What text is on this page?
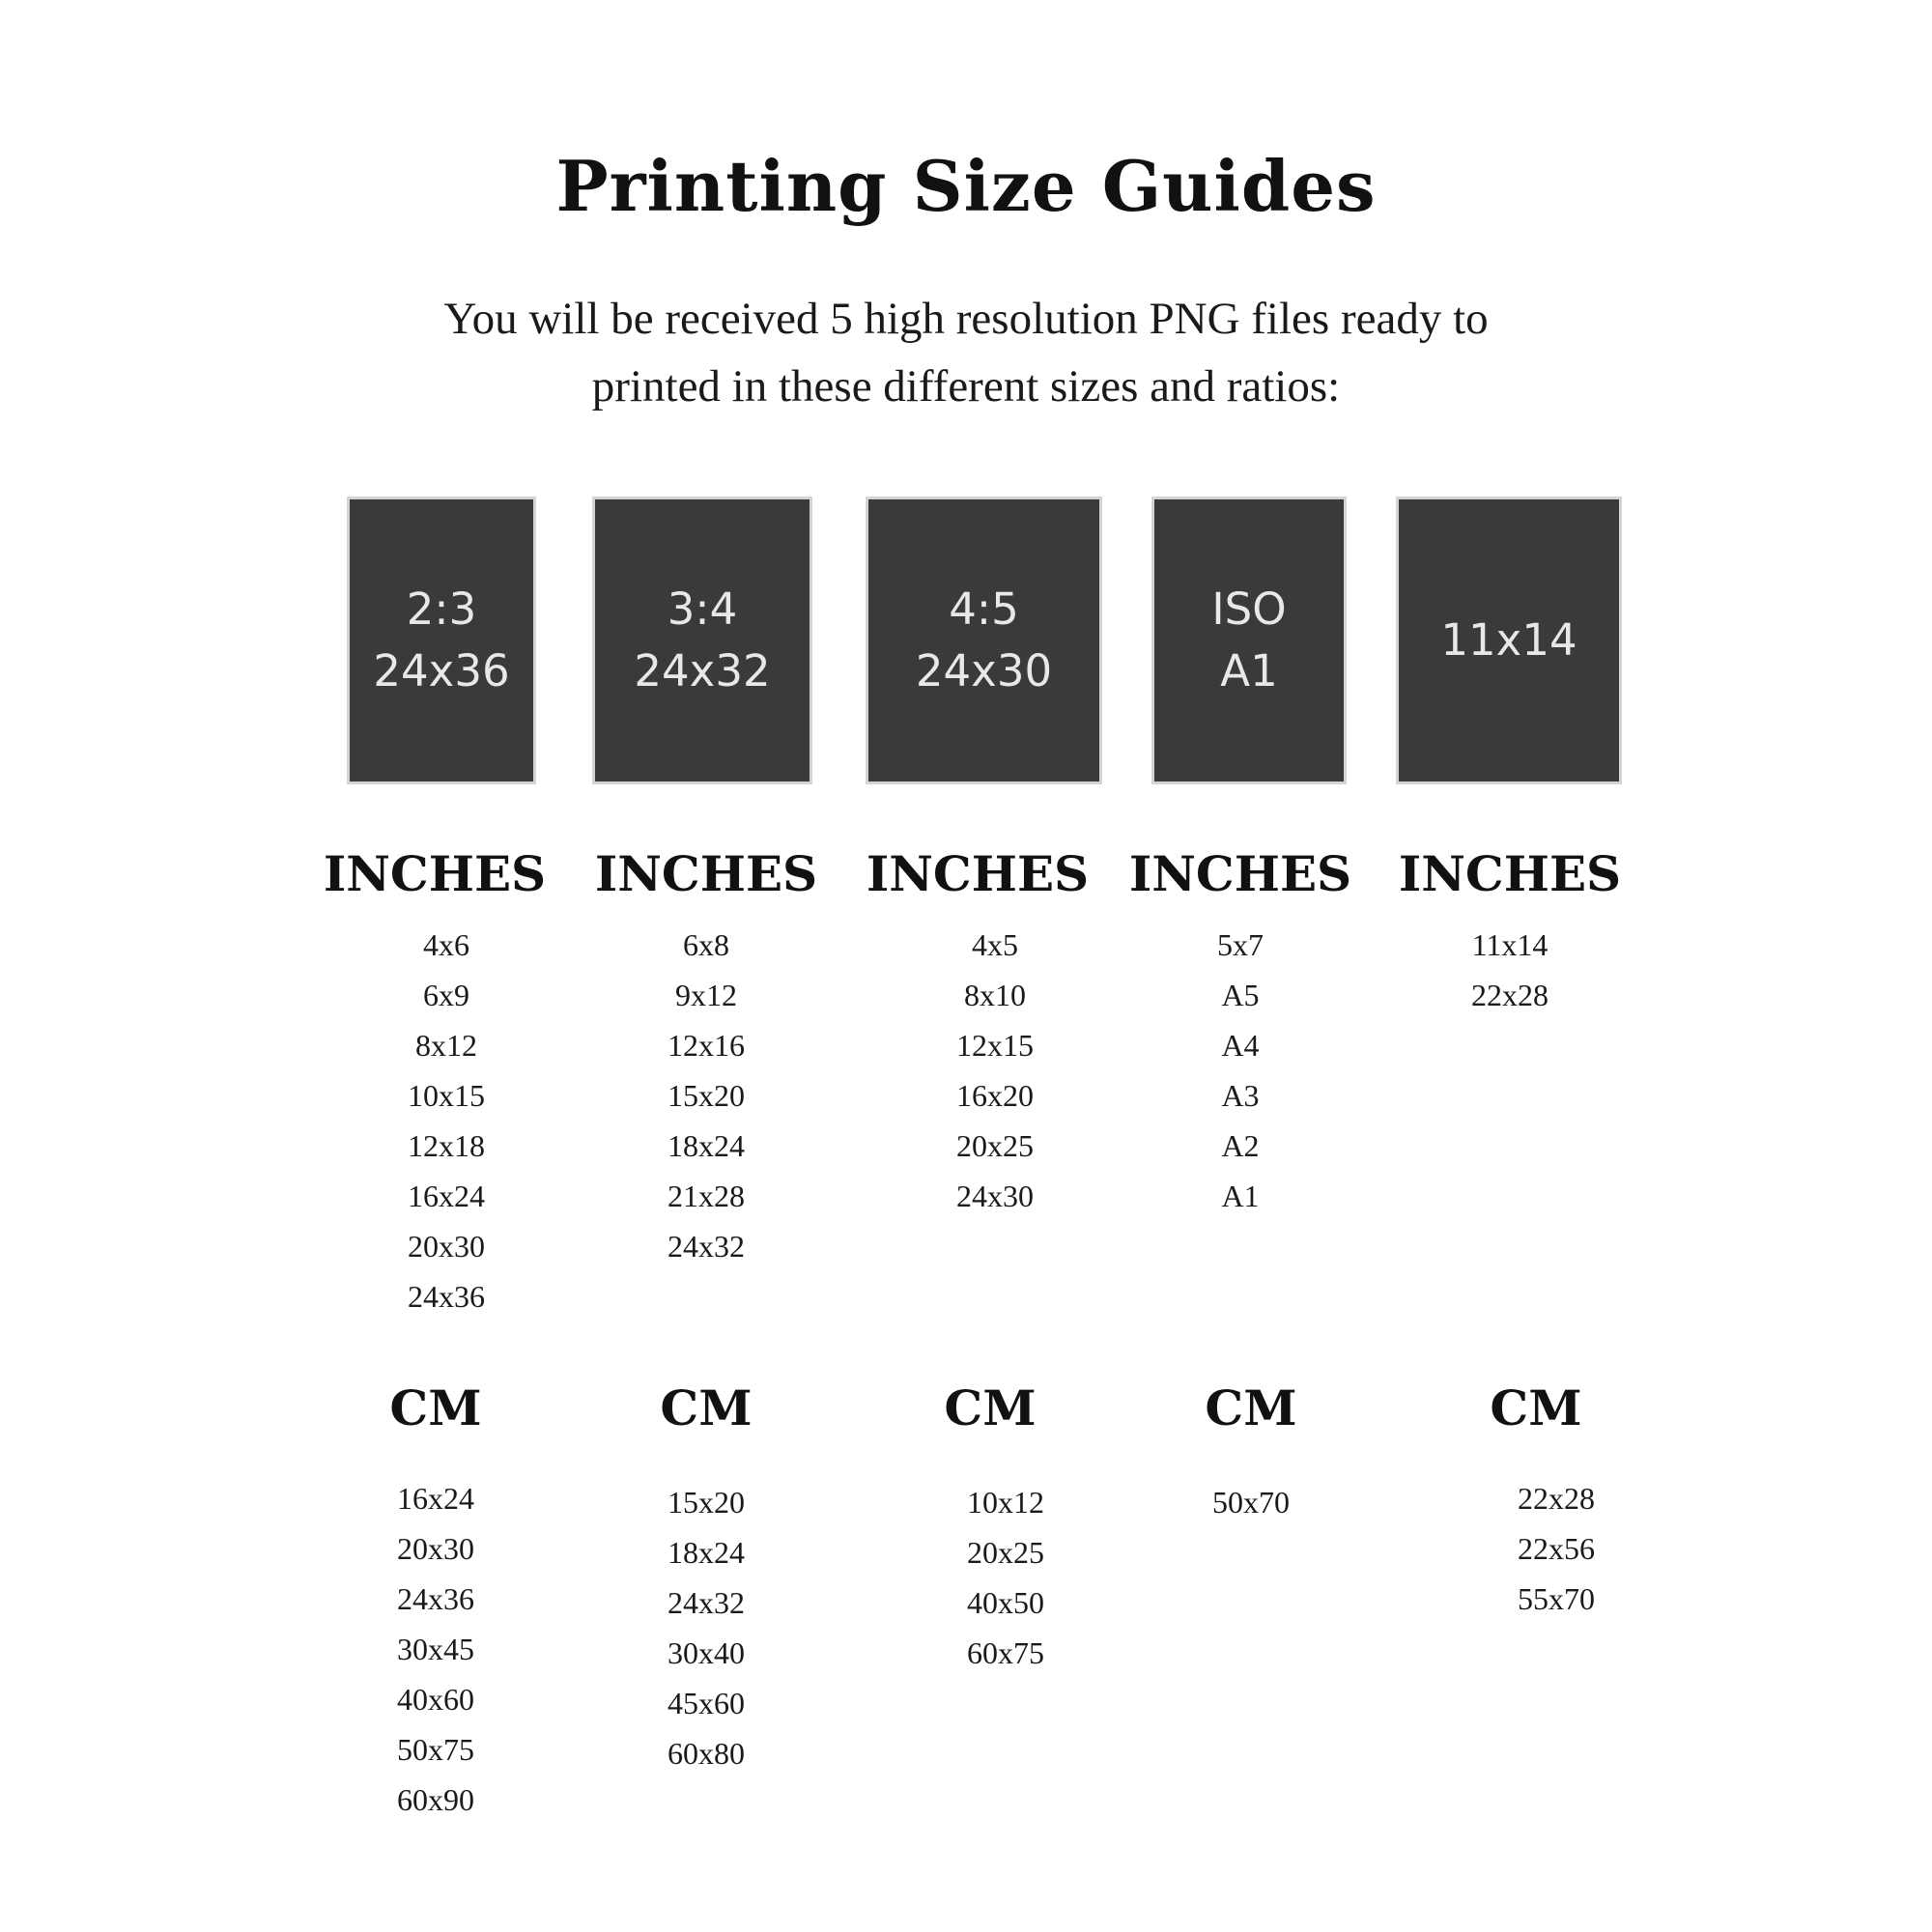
Printing Size Guides
You will be received 5 high resolution PNG files ready to
printed in these different sizes and ratios:
2:3
24x36
3:4
24x32
4:5
24x30
ISO
A1
11x14
INCHES
4x6
6x9
8x12
10x15
12x18
16x24
20x30
24x36
INCHES
6x8
9x12
12x16
15x20
18x24
21x28
24x32
INCHES
4x5
8x10
12x15
16x20
20x25
24x30
INCHES
5x7
A5
A4
A3
A2
A1
INCHES
11x14
22x28
CM
16x24
20x30
24x36
30x45
40x60
50x75
60x90
CM
15x20
18x24
24x32
30x40
45x60
60x80
CM
10x12
20x25
40x50
60x75
CM
50x70
CM
22x28
22x56
55x70
